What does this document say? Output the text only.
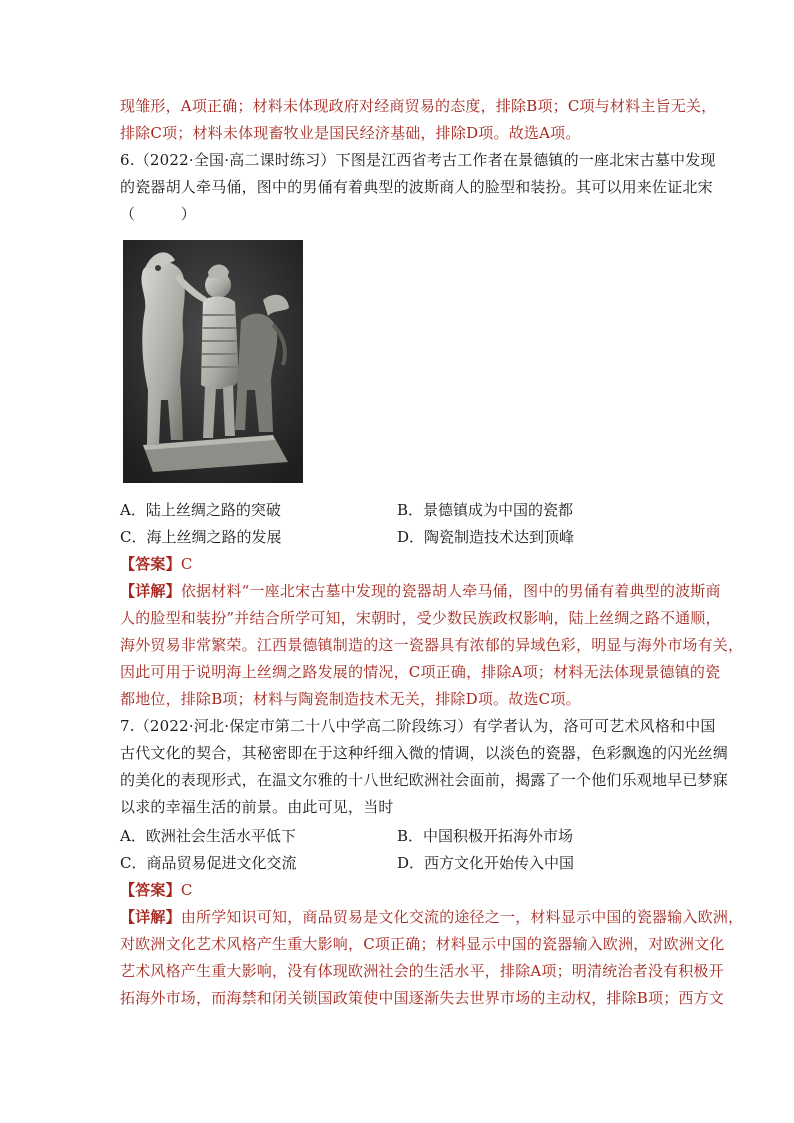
现雏形，A项正确；材料未体现政府对经商贸易的态度，排除B项；C项与材料主旨无关，
排除C项；材料未体现畜牧业是国民经济基础，排除D项。故选A项。
6.（2022·全国·高二课时练习）下图是江西省考古工作者在景德镇的一座北宋古墓中发现
的瓷器胡人牵马俑，图中的男俑有着典型的波斯商人的脸型和装扮。其可以用来佐证北宋
（　　　）
A．陆上丝绸之路的突破	B．景德镇成为中国的瓷都
C．海上丝绸之路的发展	D．陶瓷制造技术达到顶峰
【答案】C
【详解】依据材料“一座北宋古墓中发现的瓷器胡人牵马俑，图中的男俑有着典型的波斯商
人的脸型和装扮”并结合所学可知，宋朝时，受少数民族政权影响，陆上丝绸之路不通顺，
海外贸易非常繁荣。江西景德镇制造的这一瓷器具有浓郁的异域色彩，明显与海外市场有关，
因此可用于说明海上丝绸之路发展的情况，C项正确，排除A项；材料无法体现景德镇的瓷
都地位，排除B项；材料与陶瓷制造技术无关，排除D项。故选C项。
7.（2022·河北·保定市第二十八中学高二阶段练习）有学者认为，洛可可艺术风格和中国
古代文化的契合，其秘密即在于这种纤细入微的情调，以淡色的瓷器，色彩飘逸的闪光丝绸
的美化的表现形式，在温文尔雅的十八世纪欧洲社会面前，揭露了一个他们乐观地早已梦寐
以求的幸福生活的前景。由此可见，当时
A．欧洲社会生活水平低下	B．中国积极开拓海外市场
C．商品贸易促进文化交流	D．西方文化开始传入中国
【答案】C
【详解】由所学知识可知，商品贸易是文化交流的途径之一，材料显示中国的瓷器输入欧洲，
对欧洲文化艺术风格产生重大影响，C项正确；材料显示中国的瓷器输入欧洲，对欧洲文化
艺术风格产生重大影响，没有体现欧洲社会的生活水平，排除A项；明清统治者没有积极开
拓海外市场，而海禁和闭关锁国政策使中国逐渐失去世界市场的主动权，排除B项；西方文
